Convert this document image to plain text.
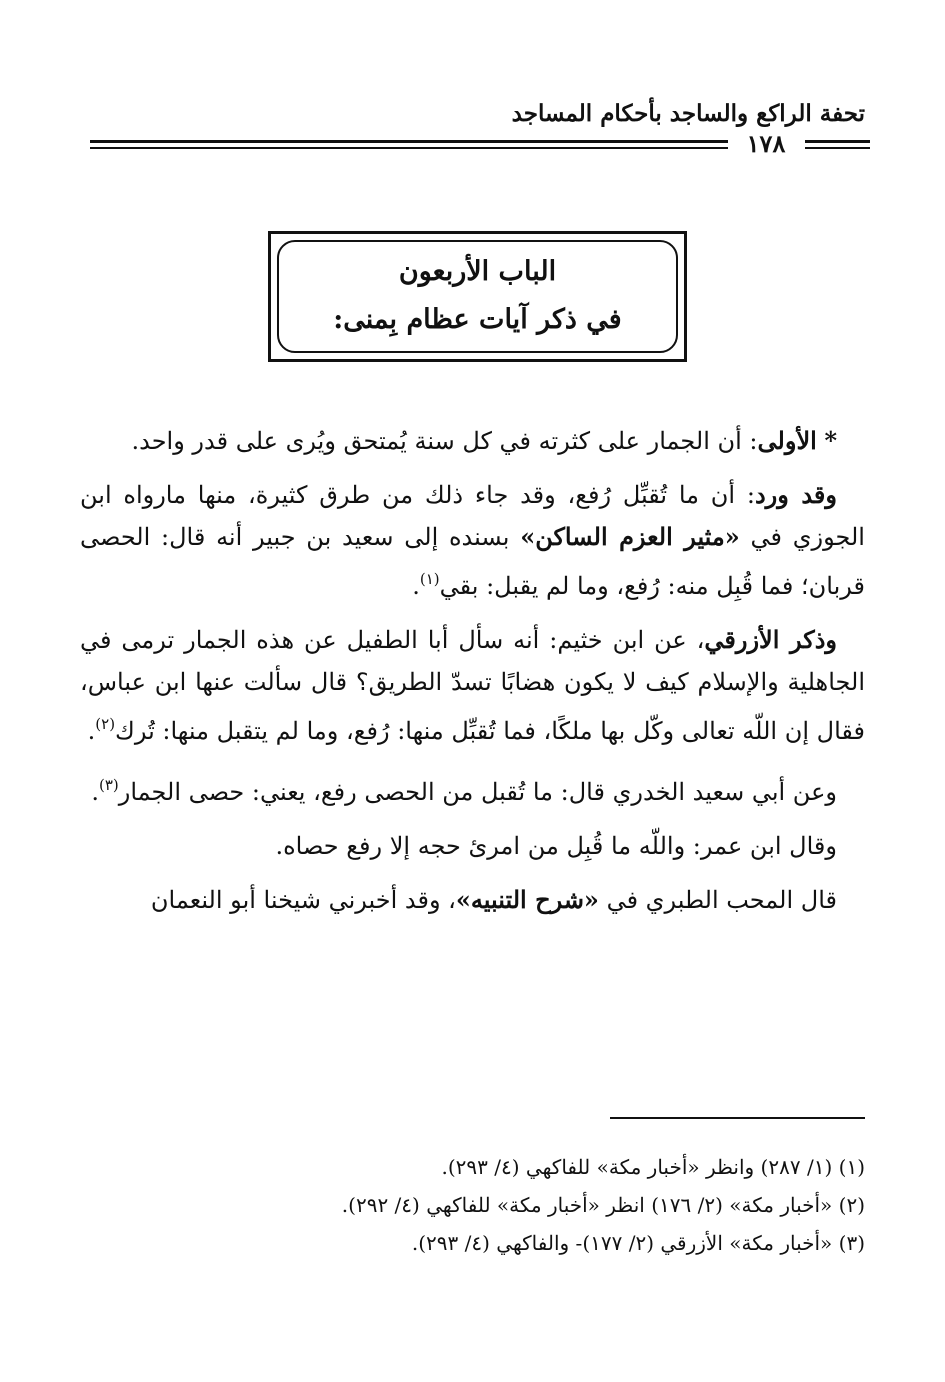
تحفة الراكع والساجد بأحكام المساجد
١٧٨
الباب الأربعون
في ذكر آيات عظام بِمنى:

* الأولى: أن الجمار على كثرته في كل سنة يُمتحق ويُرى على قدر واحد.

وقد ورد: أن ما تُقبِّل رُفع، وقد جاء ذلك من طرق كثيرة، منها مارواه ابن الجوزي في «مثير العزم الساكن» بسنده إلى سعيد بن جبير أنه قال: الحصى قربان؛ فما قُبِل منه: رُفع، وما لم يقبل: بقي$^{(١)}$.

وذكر الأزرقي، عن ابن خثيم: أنه سأل أبا الطفيل عن هذه الجمار ترمى في الجاهلية والإسلام كيف لا يكون هضابًا تسدّ الطريق؟ قال سألت عنها ابن عباس، فقال إن اللّه تعالى وكّل بها ملكًا، فما تُقبِّل منها: رُفع، وما لم يتقبل منها: تُرك$^{(٢)}$.

وعن أبي سعيد الخدري قال: ما تُقبل من الحصى رفع، يعني: حصى الجمار$^{(٣)}$.

وقال ابن عمر: واللّه ما قُبِل من امرئ حجه إلا رفع حصاه.

قال المحب الطبري في «شرح التنبيه»، وقد أخبرني شيخنا أبو النعمان

(١) (١/ ٢٨٧) وانظر «أخبار مكة» للفاكهي (٤/ ٢٩٣).

(٢) «أخبار مكة» (٢/ ١٧٦) انظر «أخبار مكة» للفاكهي (٤/ ٢٩٢).

(٣) «أخبار مكة» الأزرقي (٢/ ١٧٧)- والفاكهي (٤/ ٢٩٣).
